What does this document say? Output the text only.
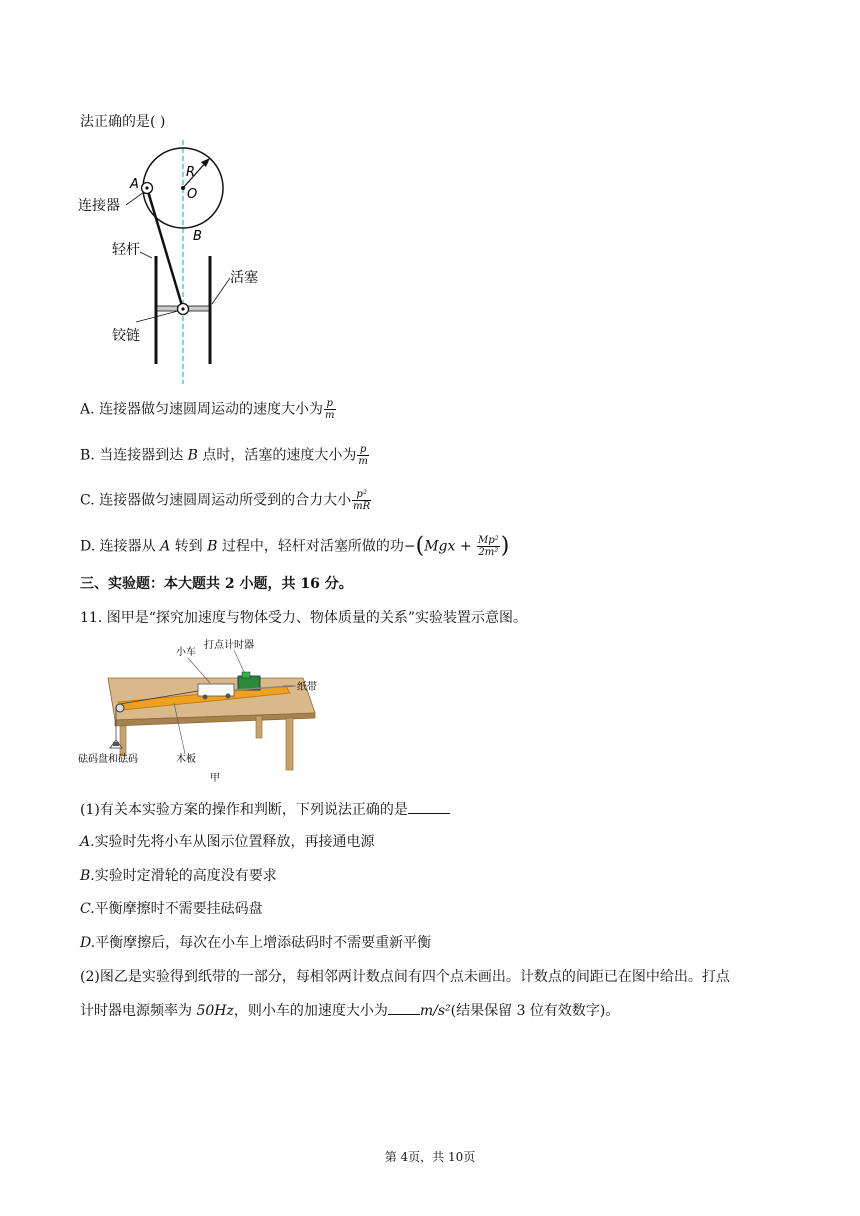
法正确的是( )
A
O
R
B
连接器
轻杆
活塞
铰链
A. 连接器做匀速圆周运动的速度大小为 $\frac{p}{m}$
B. 当连接器到达 B 点时，活塞的速度大小为 $\frac{p}{m}$
C. 连接器做匀速圆周运动所受到的合力大小 $\frac{\text{p²}}{mR}$
D. 连接器从 A 转到 B 过程中，轻杆对活塞所做的功$-(Mgx + \frac{\text{Mp²}}{\text{2m²}}$ )
三、实验题：本大题共 2 小题，共 16 分。
11. 图甲是“探究加速度与物体受力、物体质量的关系”实验装置示意图。
小车
打点计时器
纸带
砝码盘和砝码	木板
甲
(1)有关本实验方案的操作和判断，下列说法正确的是
A.实验时先将小车从图示位置释放，再接通电源
B.实验时定滑轮的高度没有要求
C.平衡摩擦时不需要挂砝码盘
D.平衡摩擦后，每次在小车上增添砝码时不需要重新平衡
(2)图乙是实验得到纸带的一部分，每相邻两计数点间有四个点未画出。计数点的间距已在图中给出。打点
计时器电源频率为 50Hz，则小车的加速度大小为 m/s²(结果保留 3 位有效数字)。
第 4页，共 10页
